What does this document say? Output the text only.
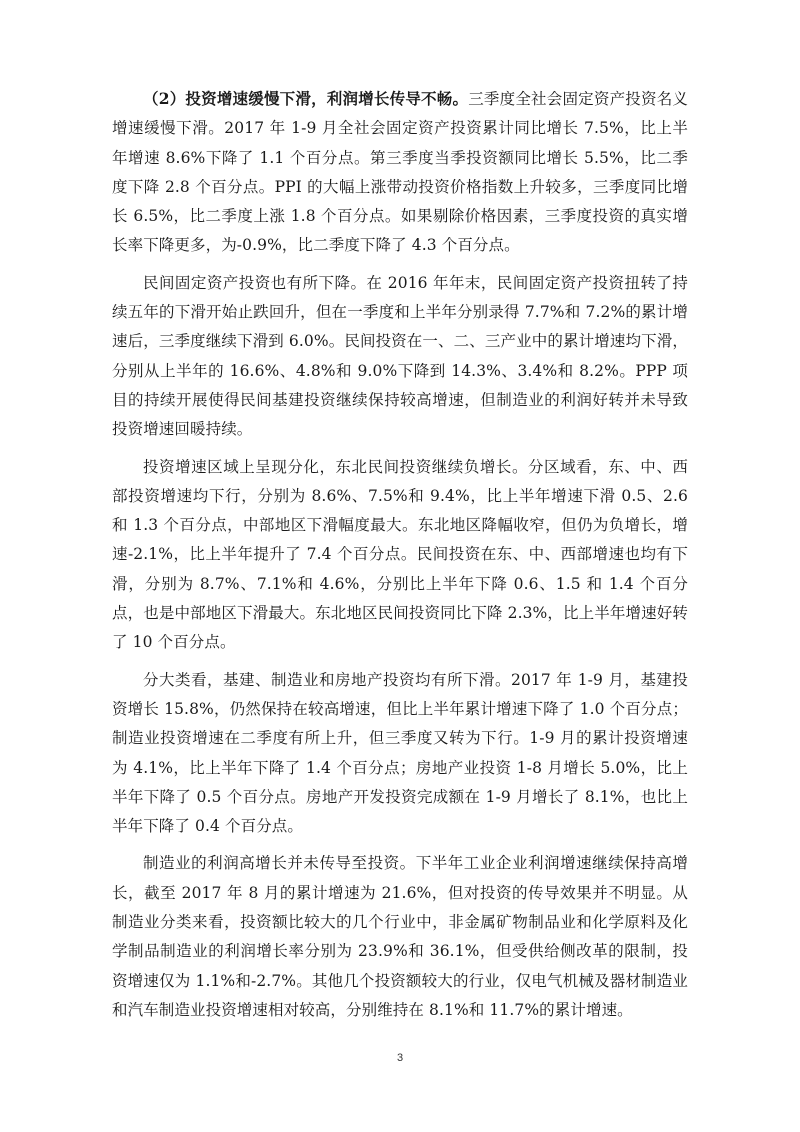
（2）投资增速缓慢下滑，利润增长传导不畅。三季度全社会固定资产投资名义增速缓慢下滑。2017 年 1-9 月全社会固定资产投资累计同比增长 7.5%，比上半年增速 8.6%下降了 1.1 个百分点。第三季度当季投资额同比增长 5.5%，比二季度下降 2.8 个百分点。PPI 的大幅上涨带动投资价格指数上升较多，三季度同比增长 6.5%，比二季度上涨 1.8 个百分点。如果剔除价格因素，三季度投资的真实增长率下降更多，为-0.9%，比二季度下降了 4.3 个百分点。

民间固定资产投资也有所下降。在 2016 年年末，民间固定资产投资扭转了持续五年的下滑开始止跌回升，但在一季度和上半年分别录得 7.7%和 7.2%的累计增速后，三季度继续下滑到 6.0%。民间投资在一、二、三产业中的累计增速均下滑，分别从上半年的 16.6%、4.8%和 9.0%下降到 14.3%、3.4%和 8.2%。PPP 项目的持续开展使得民间基建投资继续保持较高增速，但制造业的利润好转并未导致投资增速回暖持续。

投资增速区域上呈现分化，东北民间投资继续负增长。分区域看，东、中、西部投资增速均下行，分别为 8.6%、7.5%和 9.4%，比上半年增速下滑 0.5、2.6 和 1.3 个百分点，中部地区下滑幅度最大。东北地区降幅收窄，但仍为负增长，增速-2.1%，比上半年提升了 7.4 个百分点。民间投资在东、中、西部增速也均有下滑，分别为 8.7%、7.1%和 4.6%，分别比上半年下降 0.6、1.5 和 1.4 个百分点，也是中部地区下滑最大。东北地区民间投资同比下降 2.3%，比上半年增速好转了 10 个百分点。

分大类看，基建、制造业和房地产投资均有所下滑。2017 年 1-9 月，基建投资增长 15.8%，仍然保持在较高增速，但比上半年累计增速下降了 1.0 个百分点；制造业投资增速在二季度有所上升，但三季度又转为下行。1-9 月的累计投资增速为 4.1%，比上半年下降了 1.4 个百分点；房地产业投资 1-8 月增长 5.0%，比上半年下降了 0.5 个百分点。房地产开发投资完成额在 1-9 月增长了 8.1%，也比上半年下降了 0.4 个百分点。

制造业的利润高增长并未传导至投资。下半年工业企业利润增速继续保持高增长，截至 2017 年 8 月的累计增速为 21.6%，但对投资的传导效果并不明显。从制造业分类来看，投资额比较大的几个行业中，非金属矿物制品业和化学原料及化学制品制造业的利润增长率分别为 23.9%和 36.1%，但受供给侧改革的限制，投资增速仅为 1.1%和-2.7%。其他几个投资额较大的行业，仅电气机械及器材制造业和汽车制造业投资增速相对较高，分别维持在 8.1%和 11.7%的累计增速。

3
